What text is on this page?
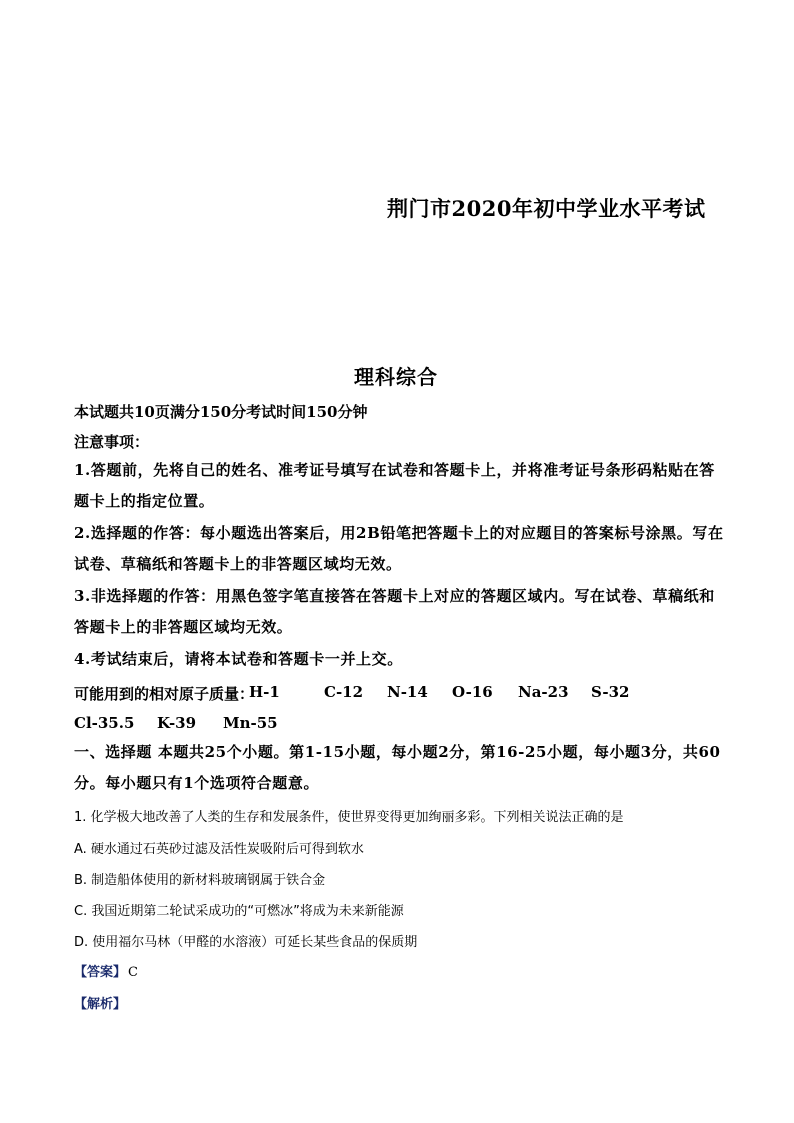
荆门市2020年初中学业水平考试
理科综合
本试题共10页满分150分考试时间150分钟
注意事项：
1.答题前，先将自己的姓名、准考证号填写在试卷和答题卡上，并将准考证号条形码粘贴在答题卡上的指定位置。
2.选择题的作答：每小题选出答案后，用2B铅笔把答题卡上的对应题目的答案标号涂黑。写在试卷、草稿纸和答题卡上的非答题区域均无效。
3.非选择题的作答：用黑色签字笔直接答在答题卡上对应的答题区域内。写在试卷、草稿纸和答题卡上的非答题区域均无效。
4.考试结束后，请将本试卷和答题卡一并上交。
可能用到的相对原子质量：
H-1	C-12 N-14 O-16 Na-23 S-32
Cl-35.5 K-39 Mn-55
一、选择题 本题共25个小题。第1-15小题，每小题2分，第16-25小题，每小题3分，共60分。每小题只有1个选项符合题意。
1. 化学极大地改善了人类的生存和发展条件，使世界变得更加绚丽多彩。下列相关说法正确的是
A. 硬水通过石英砂过滤及活性炭吸附后可得到软水
B. 制造船体使用的新材料玻璃钢属于铁合金
C. 我国近期第二轮试采成功的“可燃冰”将成为未来新能源
D. 使用福尔马林（甲醛的水溶液）可延长某些食品的保质期
【答案】 C
【解析】
